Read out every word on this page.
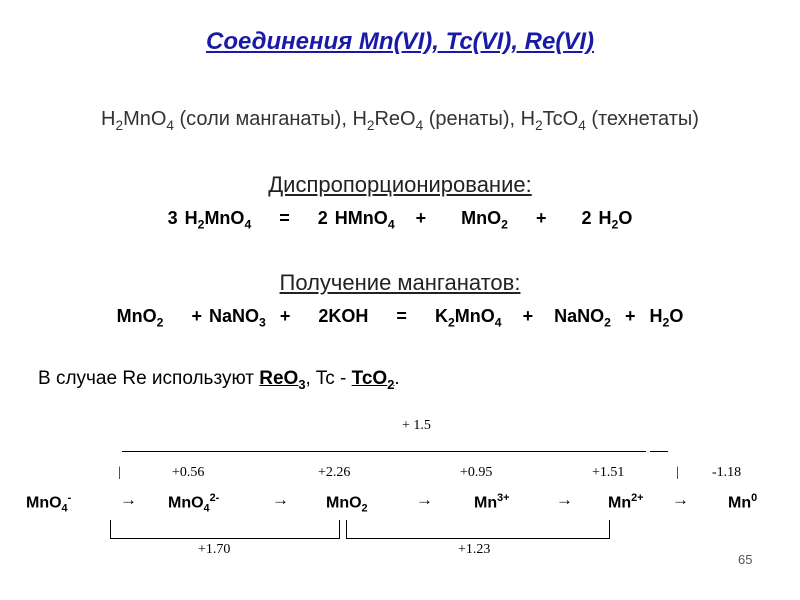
Соединения Mn(VI), Tc(VI), Re(VI)
$H_2MnO_4$ (соли манганаты), $H_2ReO_4$ (ренаты), $H_2TcO_4$ (технетаты)
Диспропорционирование:
3 $H_2MnO_4$    =    2 HMnO$_4$   +     MnO$_2$    +     2 $H_2O$
Получение манганатов:
MnO$_2$    + NaNO$_3$  +    2KOH    =    $K_2MnO_4$   +   NaNO$_2$  +  $H_2O$
В случае Re используют ReO$_3$, Tc - TcO$_2$.
+ 1.5
|	+0.56	+2.26	+0.95	+1.51	| -1.18
MnO$_4$-	→ MnO$_4^{2-}$	→ MnO$_2$	→	$Mn^{3+}$	→ $Mn^{2+} \to Mn^0$
+1.70	+1.23
65
